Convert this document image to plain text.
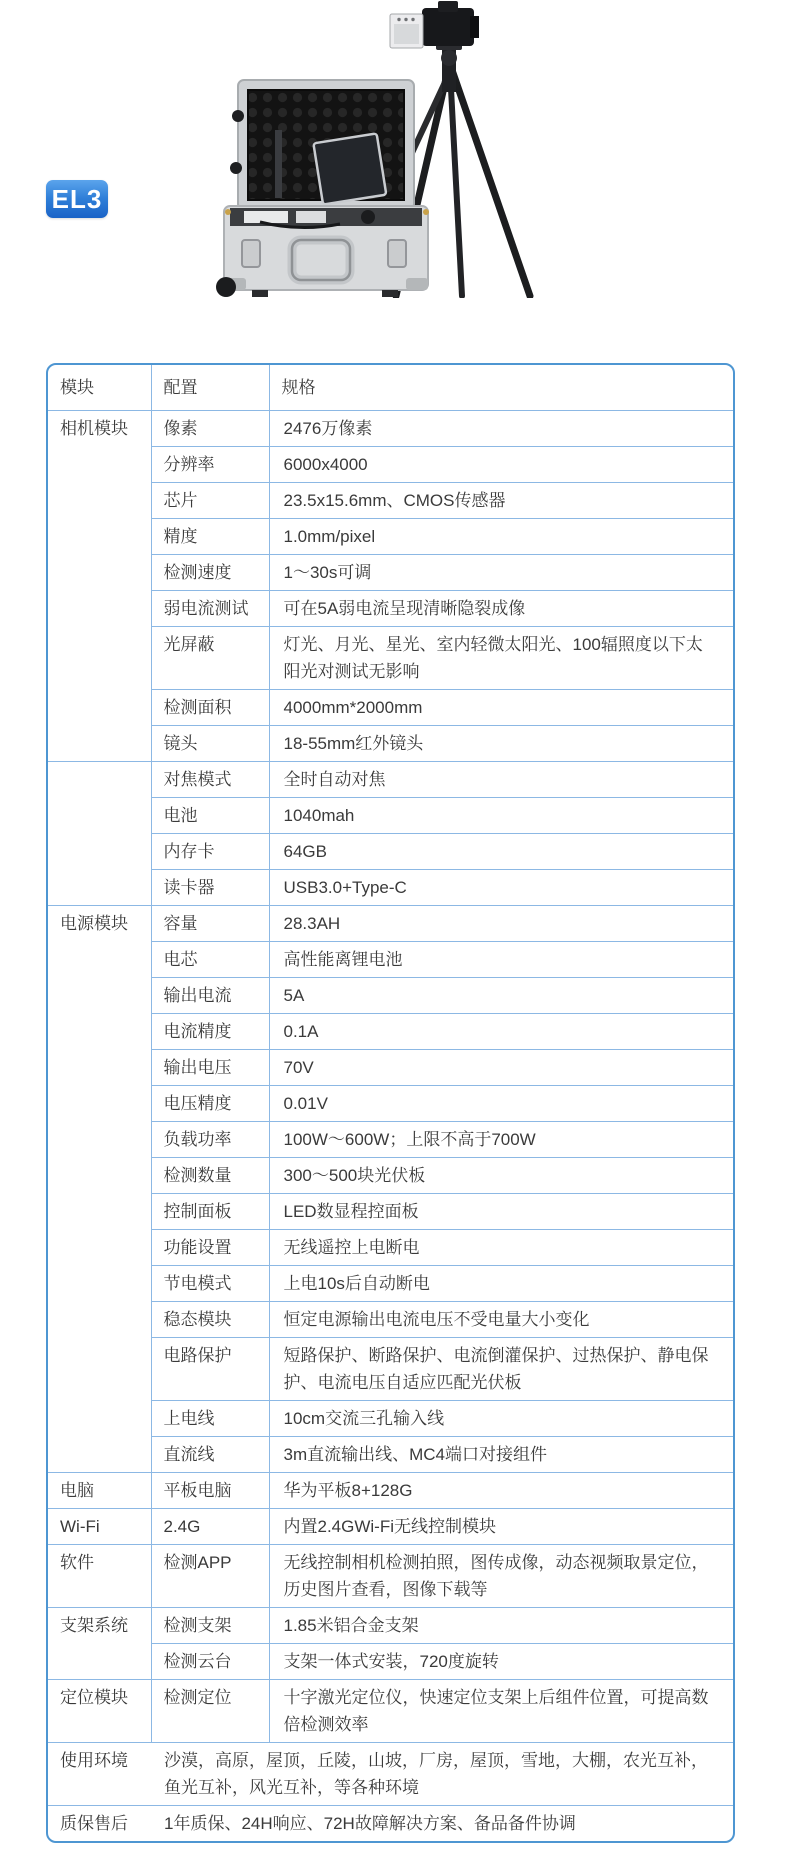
EL3
模块	配置	规格
相机模块	像素	2476万像素
	分辨率	6000x4000
	芯片	23.5x15.6mm、CMOS传感器
	精度	1.0mm/pixel
	检测速度	1～30s可调
	弱电流测试	可在5A弱电流呈现清晰隐裂成像
	光屏蔽	灯光、月光、星光、室内轻微太阳光、100辐照度以下太阳光对测试无影响
	检测面积	4000mm*2000mm
	镜头	18-55mm红外镜头
	对焦模式	全时自动对焦
	电池	1040mah
	内存卡	64GB
	读卡器	USB3.0+Type-C
电源模块	容量	28.3AH
	电芯	高性能离锂电池
	输出电流	5A
	电流精度	0.1A
	输出电压	70V
	电压精度	0.01V
	负载功率	100W～600W；上限不高于700W
	检测数量	300～500块光伏板
	控制面板	LED数显程控面板
	功能设置	无线遥控上电断电
	节电模式	上电10s后自动断电
	稳态模块	恒定电源输出电流电压不受电量大小变化
	电路保护	短路保护、断路保护、电流倒灌保护、过热保护、静电保护、电流电压自适应匹配光伏板
	上电线	10cm交流三孔输入线
	直流线	3m直流输出线、MC4端口对接组件
电脑	平板电脑	华为平板8+128G
Wi-Fi	2.4G	内置2.4GWi-Fi无线控制模块
软件	检测APP	无线控制相机检测拍照，图传成像，动态视频取景定位，历史图片查看，图像下载等
支架系统	检测支架	1.85米铝合金支架
	检测云台	支架一体式安装，720度旋转
定位模块	检测定位	十字激光定位仪，快速定位支架上后组件位置，可提高数倍检测效率

使用环境 沙漠，高原，屋顶，丘陵，山坡，厂房，屋顶，雪地，大棚，农光互补，鱼光互补，风光互补，等各种环境		

质保售后 1年质保、24H响应、72H故障解决方案、备品备件协调		
